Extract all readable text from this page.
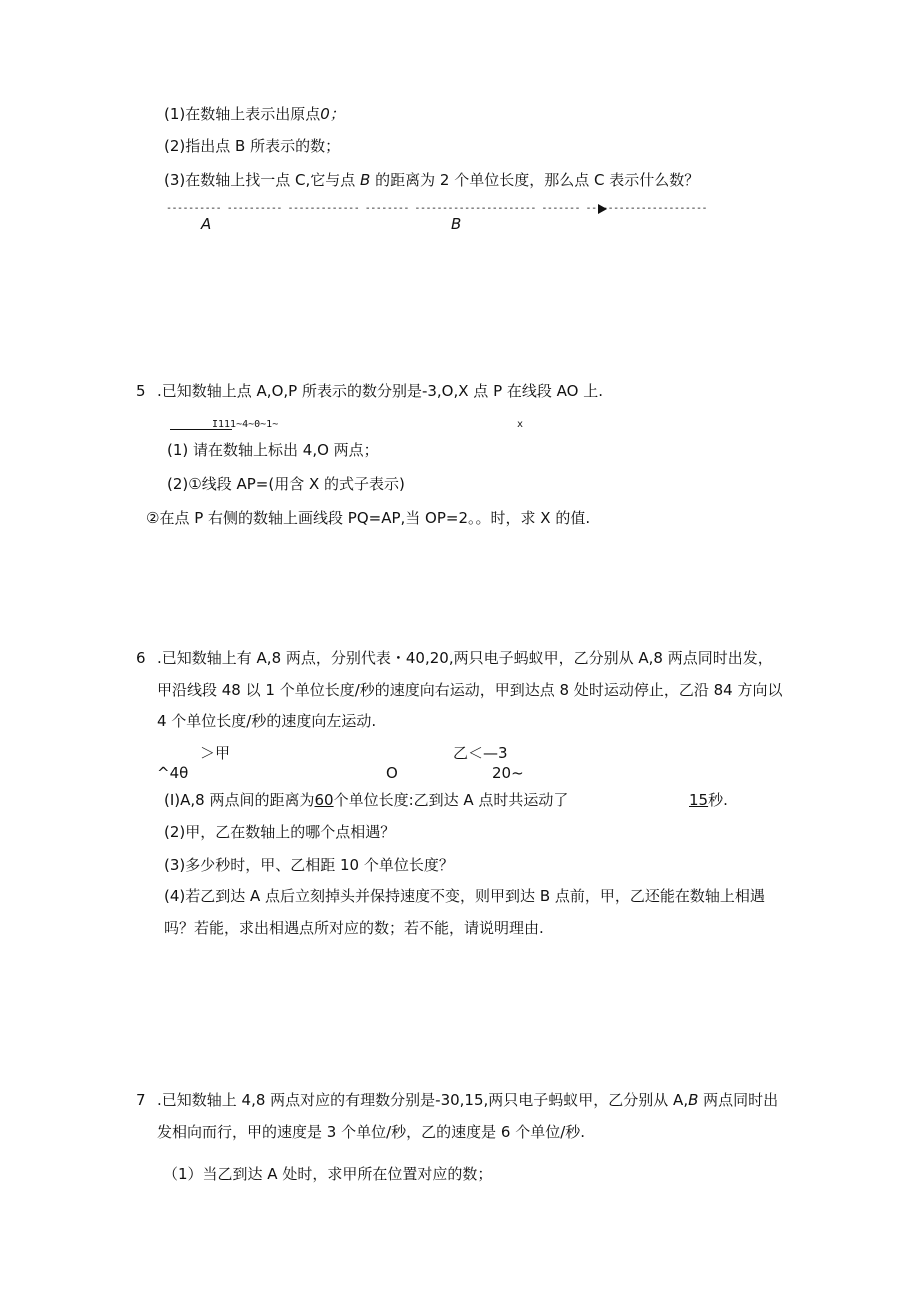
(1)在数轴上表示出原点0；
(2)指出点 B 所表示的数；
(3)在数轴上找一点 C,它与点 B 的距离为 2 个单位长度，那么点 C 表示什么数？
---------- ---------- ------------- -------- ---------------------- ------- ----------------------
A	B
5 .已知数轴上点 A,O,P 所表示的数分别是-3,O,X 点 P 在线段 AO 上.
I111~4~0~1~	x
(1) 请在数轴上标出 4,O 两点；
(2)①线段 AP=(用含 X 的式子表示)
②在点 P 右侧的数轴上画线段 PQ=AP,当 OP=2。。时，求 X 的值.
6 .已知数轴上有 A,8 两点，分别代表・40,20,两只电子蚂蚁甲，乙分别从 A,8 两点同时出发，
甲沿线段 48 以 1 个单位长度/秒的速度向右运动，甲到达点 8 处时运动停止，乙沿 84 方向以
4 个单位长度/秒的速度向左运动.
＞甲	乙＜—3
^4θ	O	20~
(I)A,8 两点间的距离为60个单位长度:乙到达 A 点时共运动了	15秒.
(2)甲，乙在数轴上的哪个点相遇？
(3)多少秒时，甲、乙相距 10 个单位长度？
(4)若乙到达 A 点后立刻掉头并保持速度不变，则甲到达 B 点前，甲，乙还能在数轴上相遇
吗？若能，求出相遇点所对应的数；若不能，请说明理由.
7 .已知数轴上 4,8 两点对应的有理数分别是-30,15,两只电子蚂蚁甲，乙分别从 A,B 两点同时出
发相向而行，甲的速度是 3 个单位/秒，乙的速度是 6 个单位/秒.
（1）当乙到达 A 处时，求甲所在位置对应的数；
